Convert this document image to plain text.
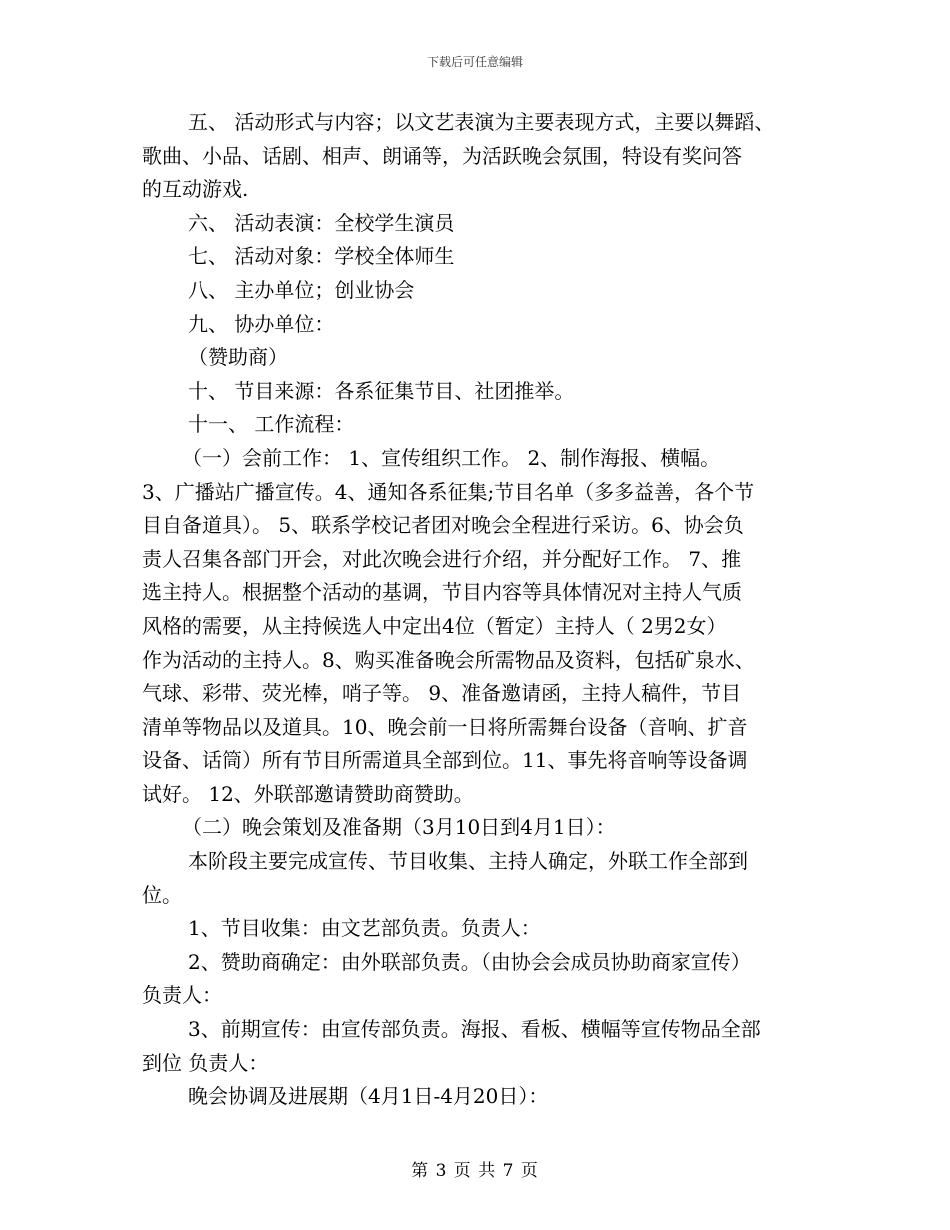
下载后可任意编辑
五、 活动形式与内容；以文艺表演为主要表现方式，主要以舞蹈、
歌曲、小品、话剧、相声、朗诵等，为活跃晚会氛围，特设有奖问答
的互动游戏.
六、 活动表演：全校学生演员
七、 活动对象：学校全体师生
八、 主办单位；创业协会
九、 协办单位：
（赞助商）
十、 节目来源：各系征集节目、社团推举。
十一、 工作流程：
（一）会前工作： 1、宣传组织工作。 2、制作海报、横幅。
3、广播站广播宣传。4、通知各系征集;节目名单（多多益善，各个节
目自备道具）。 5、联系学校记者团对晚会全程进行采访。6、协会负
责人召集各部门开会，对此次晚会进行介绍，并分配好工作。 7、推
选主持人。根据整个活动的基调，节目内容等具体情况对主持人气质
风格的需要，从主持候选人中定出4位（暂定）主持人（ 2男2女）
作为活动的主持人。8、购买准备晚会所需物品及资料，包括矿泉水、
气球、彩带、荧光棒，哨子等。 9、准备邀请函，主持人稿件，节目
清单等物品以及道具。10、晚会前一日将所需舞台设备（音响、扩音
设备、话筒）所有节目所需道具全部到位。11、事先将音响等设备调
试好。 12、外联部邀请赞助商赞助。
（二）晚会策划及准备期（3月10日到4月1日）：
本阶段主要完成宣传、节目收集、主持人确定，外联工作全部到
位。
1、节目收集：由文艺部负责。负责人：
2、赞助商确定：由外联部负责。（由协会会成员协助商家宣传）
负责人：
3、前期宣传：由宣传部负责。海报、看板、横幅等宣传物品全部
到位 负责人：
晚会协调及进展期（4月1日-4月20日）：
第 3 页 共 7 页
